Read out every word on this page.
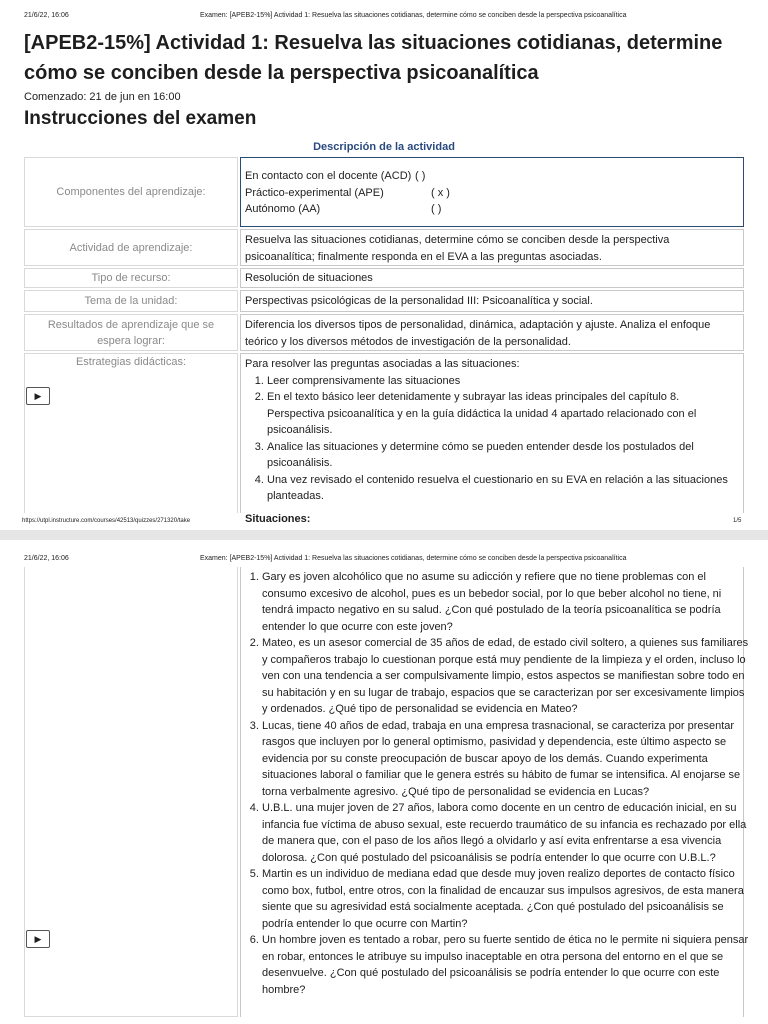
21/6/22, 16:06	Examen: [APEB2-15%] Actividad 1: Resuelva las situaciones cotidianas, determine cómo se conciben desde la perspectiva psicoanalítica
[APEB2-15%] Actividad 1: Resuelva las situaciones cotidianas, determine cómo se conciben desde la perspectiva psicoanalítica
Comenzado: 21 de jun en 16:00
Instrucciones del examen
Descripción de la actividad
Componentes del aprendizaje:
En contacto con el docente (ACD) ( )
Práctico-experimental (APE)	( x )
Autónomo (AA)	( )
Actividad de aprendizaje:
Resuelva las situaciones cotidianas, determine cómo se conciben desde la perspectiva psicoanalítica; finalmente responda en el EVA a las preguntas asociadas.
Tipo de recurso:	Resolución de situaciones
Tema de la unidad:	Perspectivas psicológicas de la personalidad III: Psicoanalítica y social.
Resultados de aprendizaje que se espera lograr:
Diferencia los diversos tipos de personalidad, dinámica, adaptación y ajuste. Analiza el enfoque teórico y los diversos métodos de investigación de la personalidad.
Estrategias didácticas:
▶
Para resolver las preguntas asociadas a las situaciones:
1. Leer comprensivamente las situaciones
2. En el texto básico leer detenidamente y subrayar las ideas principales del capítulo 8. Perspectiva psicoanalítica y en la guía didáctica la unidad 4 apartado relacionado con el psicoanálisis.
3. Analice las situaciones y determine cómo se pueden entender desde los postulados del psicoanálisis.
4. Una vez revisado el contenido resuelva el cuestionario en su EVA en relación a las situaciones planteadas.
Situaciones:
https://utpl.instructure.com/courses/42513/quizzes/271320/take	1/5
21/6/22, 16:06	Examen: [APEB2-15%] Actividad 1: Resuelva las situaciones cotidianas, determine cómo se conciben desde la perspectiva psicoanalítica
▶
1. Gary es joven alcohólico que no asume su adicción y refiere que no tiene problemas con el consumo excesivo de alcohol, pues es un bebedor social, por lo que beber alcohol no tiene, ni tendrá impacto negativo en su salud. ¿Con qué postulado de la teoría psicoanalítica se podría entender lo que ocurre con este joven?
2. Mateo, es un asesor comercial de 35 años de edad, de estado civil soltero, a quienes sus familiares y compañeros trabajo lo cuestionan porque está muy pendiente de la limpieza y el orden, incluso lo ven con una tendencia a ser compulsivamente limpio, estos aspectos se manifiestan sobre todo en su habitación y en su lugar de trabajo, espacios que se caracterizan por ser excesivamente limpios y ordenados. ¿Qué tipo de personalidad se evidencia en Mateo?
3. Lucas, tiene 40 años de edad, trabaja en una empresa trasnacional, se caracteriza por presentar rasgos que incluyen por lo general optimismo, pasividad y dependencia, este último aspecto se evidencia por su conste preocupación de buscar apoyo de los demás. Cuando experimenta situaciones laboral o familiar que le genera estrés su hábito de fumar se intensifica. Al enojarse se torna verbalmente agresivo. ¿Qué tipo de personalidad se evidencia en Lucas?
4. U.B.L. una mujer joven de 27 años, labora como docente en un centro de educación inicial, en su infancia fue víctima de abuso sexual, este recuerdo traumático de su infancia es rechazado por ella de manera que, con el paso de los años llegó a olvidarlo y así evita enfrentarse a esa vivencia dolorosa. ¿Con qué postulado del psicoanálisis se podría entender lo que ocurre con U.B.L.?
5. Martin es un individuo de mediana edad que desde muy joven realizo deportes de contacto físico como box, futbol, entre otros, con la finalidad de encauzar sus impulsos agresivos, de esta manera siente que su agresividad está socialmente aceptada. ¿Con qué postulado del psicoanálisis se podría entender lo que ocurre con Martin?
6. Un hombre joven es tentado a robar, pero su fuerte sentido de ética no le permite ni siquiera pensar en robar, entonces le atribuye su impulso inaceptable en otra persona del entorno en el que se desenvuelve. ¿Con qué postulado del psicoanálisis se podría entender lo que ocurre con este hombre?
